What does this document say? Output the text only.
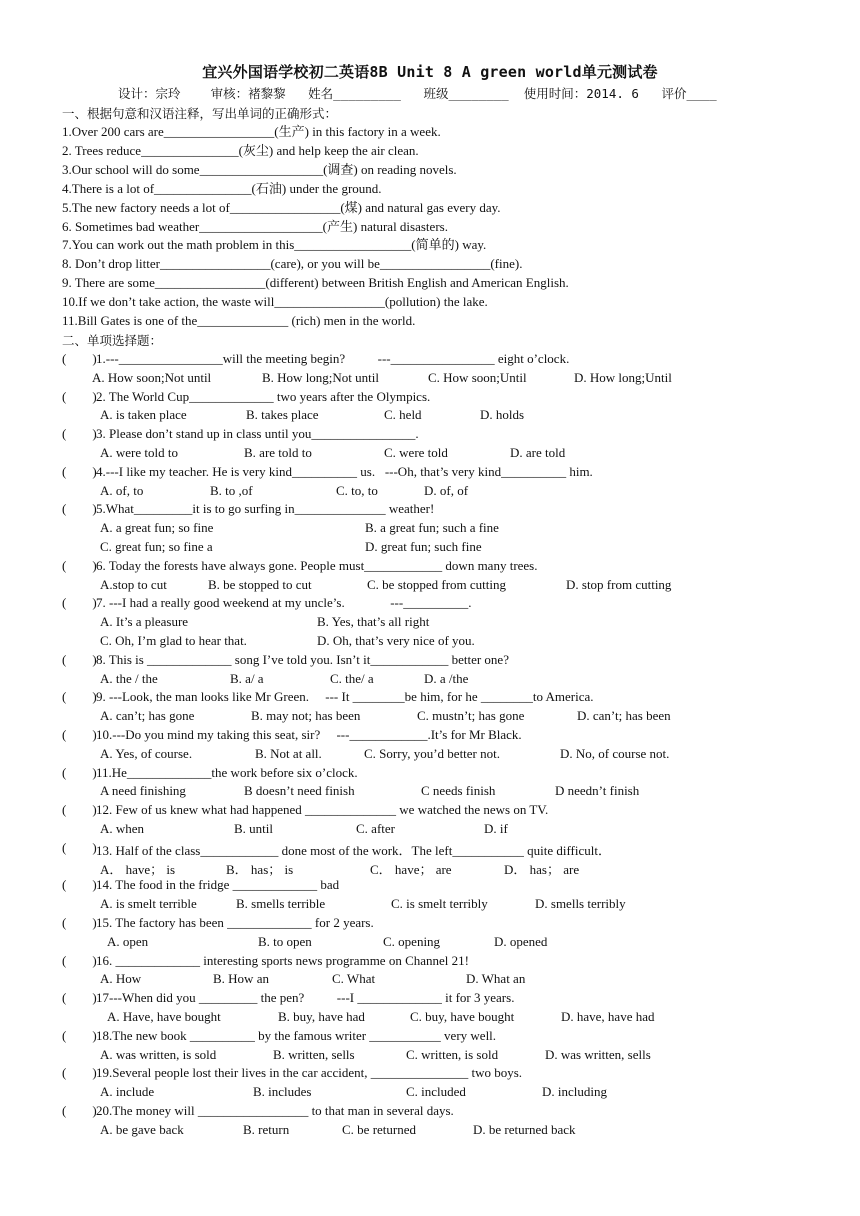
宜兴外国语学校初二英语8B Unit 8 A green world单元测试卷
设计：宗玲    审核：褚黎黎   姓名_________   班级________  使用时间：2014. 6   评价____
一、根据句意和汉语注释，写出单词的正确形式：
1.Over 200 cars are_________________(生产) in this factory in a week.
2. Trees reduce_______________(灰尘) and help keep the air clean.
3.Our school will do some___________________(调查) on reading novels.
4.There is a lot of_______________(石油) under the ground.
5.The new factory needs a lot of_________________(煤) and natural gas every day.
6. Sometimes bad weather___________________(产生) natural disasters.
7.You can work out the math problem in this__________________(简单的) way.
8. Don’t drop litter_________________(care), or you will be_________________(fine).
9. There are some_________________(different) between British English and American English.
10.If we don’t take action, the waste will_________________(pollution) the lake.
11.Bill Gates is one of the______________ (rich) men in the world.
二、单项选择题：
(        ) 1.---________________will the meeting begin?          ---________________ eight o’clock.
A. How soon;Not until	B. How long;Not until	C. How soon;Until	D. How long;Until
(        ) 2. The World Cup_____________ two years after the Olympics.
A. is taken place	B. takes place	C. held	D. holds
(        ) 3. Please don’t stand up in class until you________________.
A. were told to	B. are told to	C. were told	D. are told
(        ) 4.---I like my teacher. He is very kind__________ us.   ---Oh, that’s very kind__________ him.
A. of, to	B. to ,of	C. to, to	D. of, of
(        ) 5.What_________it is to go surfing in______________ weather!
A. a great fun; so fine	B. a great fun; such a fine
C. great fun; so fine a	D. great fun; such fine
(        ) 6. Today the forests have always gone. People must____________ down many trees.
A.stop to cut	B. be stopped to cut	C. be stopped from cutting	D. stop from cutting
(        ) 7. ---I had a really good weekend at my uncle’s.              ---__________.
A. It’s a pleasure	B. Yes, that’s all right
C. Oh, I’m glad to hear that.	D. Oh, that’s very nice of you.
(        ) 8. This is _____________ song I’ve told you. Isn’t it____________ better one?
A. the / the	B. a/ a	C. the/ a	D. a /the
(        ) 9. ---Look, the man looks like Mr Green.     --- It ________be him, for he ________to America.
A. can’t; has gone	B. may not; has been	C. mustn’t; has gone	D. can’t; has been
(        ) 10.---Do you mind my taking this seat, sir?     ---____________.It’s for Mr Black.
A. Yes, of course.	B. Not at all.	C. Sorry, you’d better not.	D. No, of course not.
(        ) 11.He_____________the work before six o’clock.
A need finishing	B doesn’t need finish	C needs finish	D needn’t finish
(        ) 12. Few of us knew what had happened ______________ we watched the news on TV.
A. when	B. until	C. after	D. if
(        ) 13. Half of the class____________ done most of the work．The left___________ quite difficult．
A． have； is	B． has； is	C． have； are	D． has； are
(        ) 14. The food in the fridge _____________ bad
A. is smelt terrible	B. smells terrible	C. is smelt terribly	D. smells terribly
(        ) 15. The factory has been _____________ for 2 years.
A. open	B. to open	C. opening	D. opened
(        ) 16. _____________ interesting sports news programme on Channel 21!
A. How	B. How an	C. What	D. What an
(        ) 17---When did you _________ the pen?          ---I _____________ it for 3 years.
A. Have, have bought	B. buy, have had	C. buy, have bought	D. have, have had
(        ) 18.The new book __________ by the famous writer ___________ very well.
A. was written, is sold	B. written, sells	C. written, is sold	D. was written, sells
(        ) 19.Several people lost their lives in the car accident, _______________ two boys.
A. include	B. includes	C. included	D. including
(        ) 20.The money will _________________ to that man in several days.
A. be gave back	B. return	C. be returned	D. be returned back
